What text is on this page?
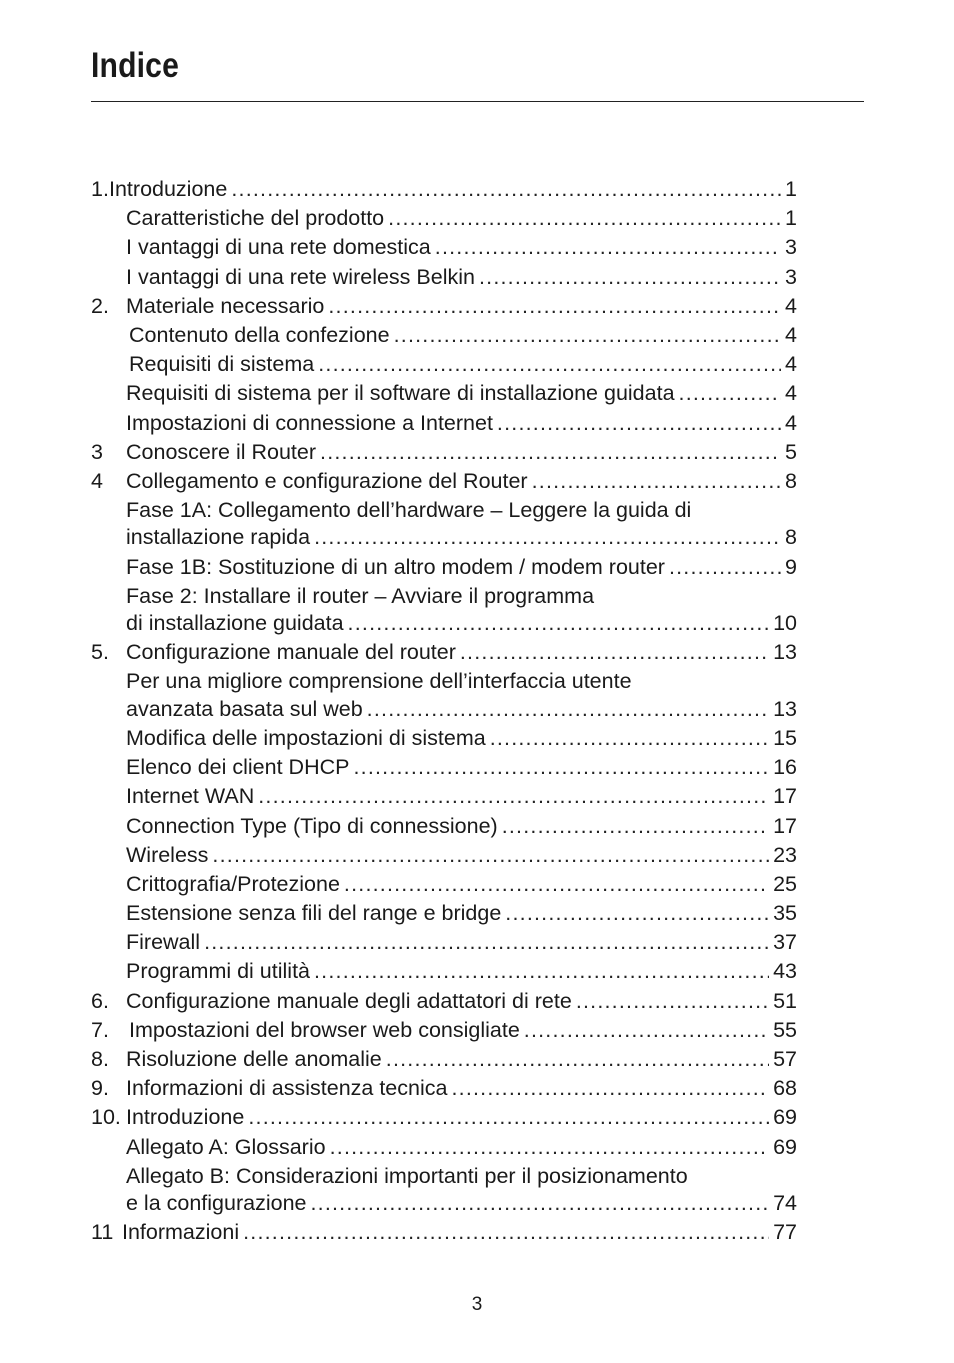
Indice
1. Introduzione .....	1
Caratteristiche del prodotto .....	1
I vantaggi di una rete domestica .....	3
I vantaggi di una rete wireless Belkin .....	3
2. Materiale necessario .....	4
Contenuto della confezione .....	4
Requisiti di sistema .....	4
Requisiti di sistema per il software di installazione guidata .....	4
Impostazioni di connessione a Internet .....	4
3 Conoscere il Router .....	5
4 Collegamento e configurazione del Router .....	8
Fase 1A: Collegamento dell’hardware – Leggere la guida di
installazione rapida .....	8
Fase 1B: Sostituzione di un altro modem / modem router .....	9
Fase 2: Installare il router – Avviare il programma
di installazione guidata .....	10
5. Configurazione manuale del router .....	13
Per una migliore comprensione dell’interfaccia utente
avanzata basata sul web .....	13
Modifica delle impostazioni di sistema .....	15
Elenco dei client DHCP .....	16
Internet WAN .....	17
Connection Type (Tipo di connessione) .....	17
Wireless .....	23
Crittografia/Protezione .....	25
Estensione senza fili del range e bridge .....	35
Firewall .....	37
Programmi di utilità .....	43
6. Configurazione manuale degli adattatori di rete .....	51
7. Impostazioni del browser web consigliate .....	55
8. Risoluzione delle anomalie .....	57
9. Informazioni di assistenza tecnica .....	68
10. Introduzione .....	69
Allegato A: Glossario .....	69
Allegato B: Considerazioni importanti per il posizionamento
e la configurazione .....	74
11 Informazioni .....	77
3
